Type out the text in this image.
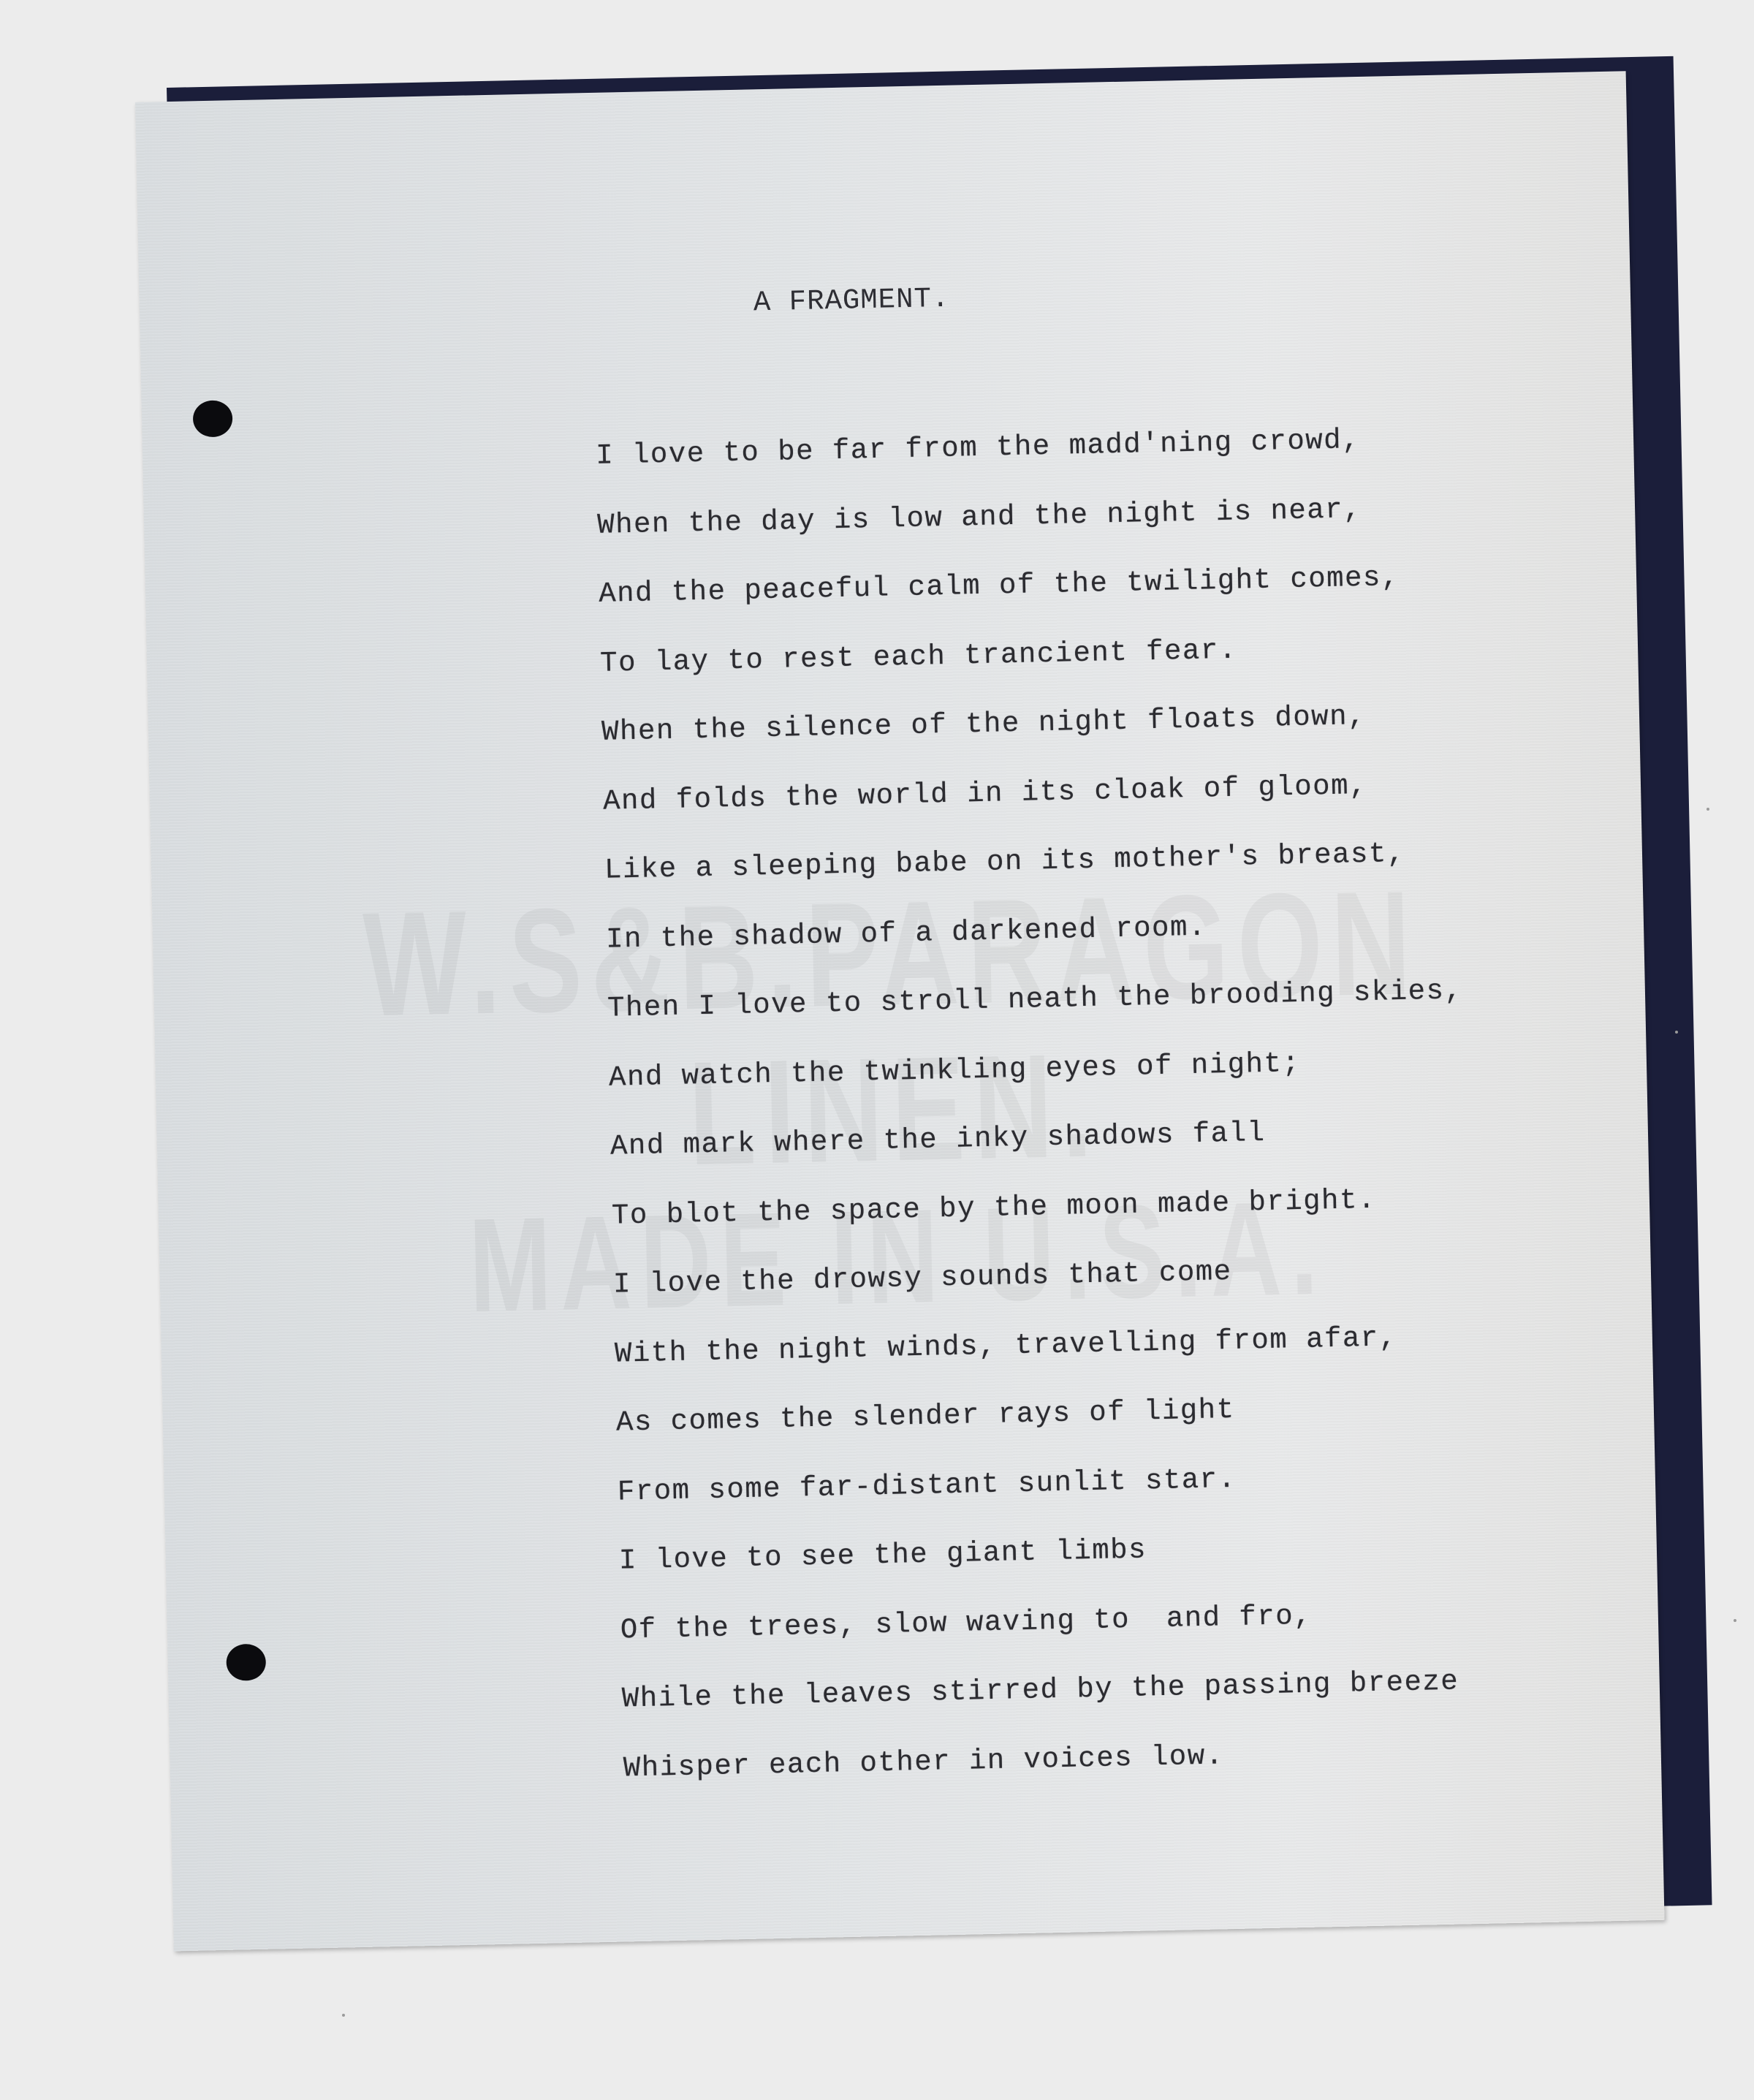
A FRAGMENT.
I love to be far from the madd'ning crowd,
When the day is low and the night is near,
And the peaceful calm of the twilight comes,
To lay to rest each trancient fear.
When the silence of the night floats down,
And folds the world in its cloak of gloom,
Like a sleeping babe on its mother's breast,
In the shadow of a darkened room.
Then I love to stroll neath the brooding skies,
And watch the twinkling eyes of night;
And mark where the inky shadows fall
To blot the space by the moon made bright.
I love the drowsy sounds that come
With the night winds, travelling from afar,
As comes the slender rays of light
From some far-distant sunlit star.
I love to see the giant limbs
Of the trees, slow waving to  and fro,
While the leaves stirred by the passing breeze
Whisper each other in voices low.
